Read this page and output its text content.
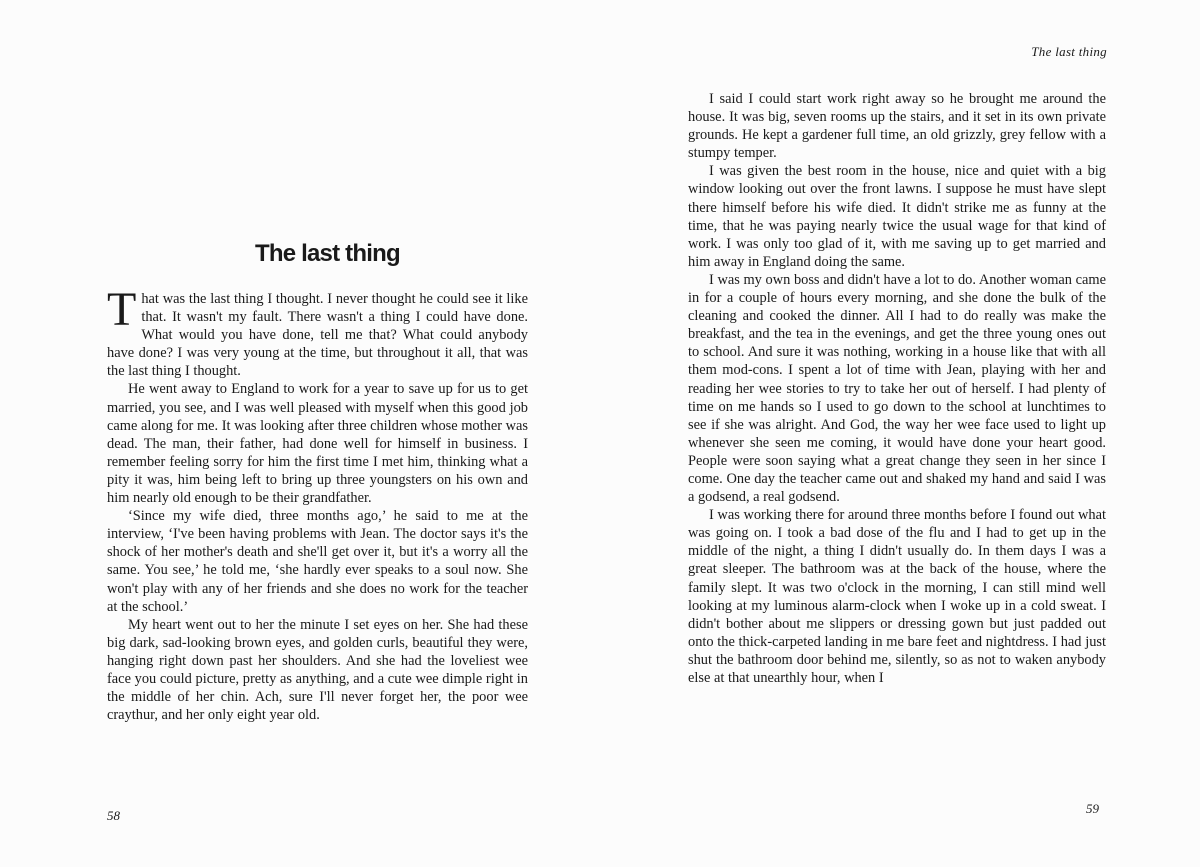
The last thing

That was the last thing I thought. I never thought he could see it like that. It wasn't my fault. There wasn't a thing I could have done. What would you have done, tell me that? What could anybody have done? I was very young at the time, but throughout it all, that was the last thing I thought.

He went away to England to work for a year to save up for us to get married, you see, and I was well pleased with myself when this good job came along for me. It was looking after three children whose mother was dead. The man, their father, had done well for himself in business. I remember feeling sorry for him the first time I met him, thinking what a pity it was, him being left to bring up three youngsters on his own and him nearly old enough to be their grandfather.

‘Since my wife died, three months ago,’ he said to me at the interview, ‘I've been having problems with Jean. The doctor says it's the shock of her mother's death and she'll get over it, but it's a worry all the same. You see,’ he told me, ‘she hardly ever speaks to a soul now. She won't play with any of her friends and she does no work for the teacher at the school.’

My heart went out to her the minute I set eyes on her. She had these big dark, sad-looking brown eyes, and golden curls, beautiful they were, hanging right down past her shoulders. And she had the loveliest wee face you could picture, pretty as anything, and a cute wee dimple right in the middle of her chin. Ach, sure I'll never forget her, the poor wee craythur, and her only eight year old.

58
The last thing

I said I could start work right away so he brought me around the house. It was big, seven rooms up the stairs, and it set in its own private grounds. He kept a gardener full time, an old grizzly, grey fellow with a stumpy temper.

I was given the best room in the house, nice and quiet with a big window looking out over the front lawns. I suppose he must have slept there himself before his wife died. It didn't strike me as funny at the time, that he was paying nearly twice the usual wage for that kind of work. I was only too glad of it, with me saving up to get married and him away in England doing the same.

I was my own boss and didn't have a lot to do. Another woman came in for a couple of hours every morning, and she done the bulk of the cleaning and cooked the dinner. All I had to do really was make the breakfast, and the tea in the evenings, and get the three young ones out to school. And sure it was nothing, working in a house like that with all them mod-cons. I spent a lot of time with Jean, playing with her and reading her wee stories to try to take her out of herself. I had plenty of time on me hands so I used to go down to the school at lunchtimes to see if she was alright. And God, the way her wee face used to light up whenever she seen me coming, it would have done your heart good. People were soon saying what a great change they seen in her since I come. One day the teacher came out and shaked my hand and said I was a godsend, a real godsend.

I was working there for around three months before I found out what was going on. I took a bad dose of the flu and I had to get up in the middle of the night, a thing I didn't usually do. In them days I was a great sleeper. The bathroom was at the back of the house, where the family slept. It was two o'clock in the morning, I can still mind well looking at my luminous alarm-clock when I woke up in a cold sweat. I didn't bother about me slippers or dressing gown but just padded out onto the thick-carpeted landing in me bare feet and nightdress. I had just shut the bathroom door behind me, silently, so as not to waken anybody else at that unearthly hour, when I

59
